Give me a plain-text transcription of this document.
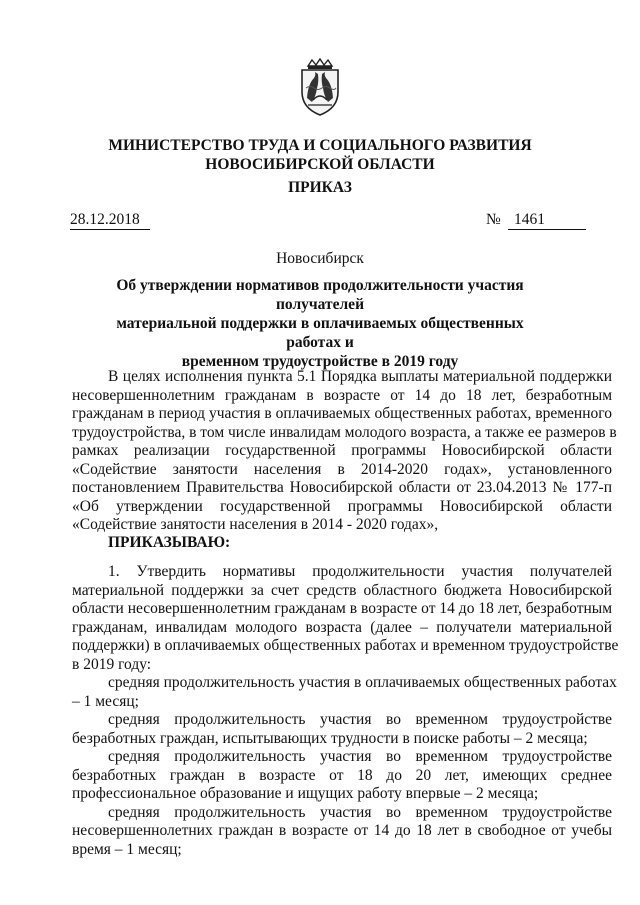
МИНИСТЕРСТВО ТРУДА И СОЦИАЛЬНОГО РАЗВИТИЯ
НОВОСИБИРСКОЙ ОБЛАСТИ
ПРИКАЗ
28.12.2018	№ 1461
Новосибирск
Об утверждении нормативов продолжительности участия получателей
материальной поддержки в оплачиваемых общественных работах и
временном трудоустройстве в 2019 году
В целях исполнения пункта 5.1 Порядка выплаты материальной поддержки
несовершеннолетним гражданам в возрасте от 14 до 18 лет, безработным
гражданам в период участия в оплачиваемых общественных работах, временного
трудоустройства, в том числе инвалидам молодого возраста, а также ее размеров в
рамках реализации государственной программы Новосибирской области
«Содействие занятости населения в 2014-2020 годах», установленного
постановлением Правительства Новосибирской области от 23.04.2013 № 177-п
«Об утверждении государственной программы Новосибирской области
«Содействие занятости населения в 2014 - 2020 годах»,
ПРИКАЗЫВАЮ:
1. Утвердить нормативы продолжительности участия получателей
материальной поддержки за счет средств областного бюджета Новосибирской
области несовершеннолетним гражданам в возрасте от 14 до 18 лет, безработным
гражданам, инвалидам молодого возраста (далее – получатели материальной
поддержки) в оплачиваемых общественных работах и временном трудоустройстве
в 2019 году:
средняя продолжительность участия в оплачиваемых общественных работах
– 1 месяц;
средняя продолжительность участия во временном трудоустройстве
безработных граждан, испытывающих трудности в поиске работы – 2 месяца;
средняя продолжительность участия во временном трудоустройстве
безработных граждан в возрасте от 18 до 20 лет, имеющих среднее
профессиональное образование и ищущих работу впервые – 2 месяца;
средняя продолжительность участия во временном трудоустройстве
несовершеннолетних граждан в возрасте от 14 до 18 лет в свободное от учебы
время – 1 месяц;
